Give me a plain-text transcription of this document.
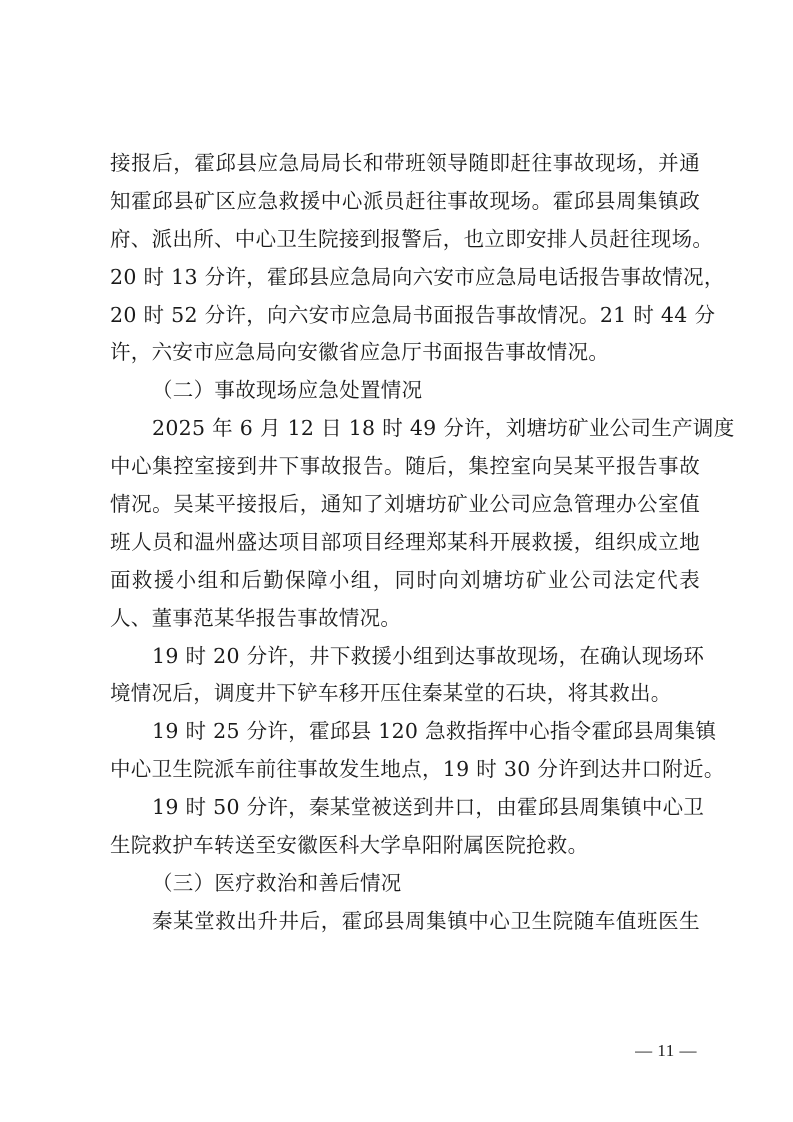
接报后，霍邱县应急局局长和带班领导随即赶往事故现场，并通
知霍邱县矿区应急救援中心派员赶往事故现场。霍邱县周集镇政
府、派出所、中心卫生院接到报警后，也立即安排人员赶往现场。
20 时 13 分许，霍邱县应急局向六安市应急局电话报告事故情况，
20 时 52 分许，向六安市应急局书面报告事故情况。21 时 44 分
许，六安市应急局向安徽省应急厅书面报告事故情况。
（二）事故现场应急处置情况
2025 年 6 月 12 日 18 时 49 分许，刘塘坊矿业公司生产调度
中心集控室接到井下事故报告。随后，集控室向吴某平报告事故
情况。吴某平接报后，通知了刘塘坊矿业公司应急管理办公室值
班人员和温州盛达项目部项目经理郑某科开展救援，组织成立地
面救援小组和后勤保障小组，同时向刘塘坊矿业公司法定代表
人、董事范某华报告事故情况。
19 时 20 分许，井下救援小组到达事故现场，在确认现场环
境情况后，调度井下铲车移开压住秦某堂的石块，将其救出。
19 时 25 分许，霍邱县 120 急救指挥中心指令霍邱县周集镇
中心卫生院派车前往事故发生地点，19 时 30 分许到达井口附近。
19 时 50 分许，秦某堂被送到井口，由霍邱县周集镇中心卫
生院救护车转送至安徽医科大学阜阳附属医院抢救。
（三）医疗救治和善后情况
秦某堂救出升井后，霍邱县周集镇中心卫生院随车值班医生
— 11 —
